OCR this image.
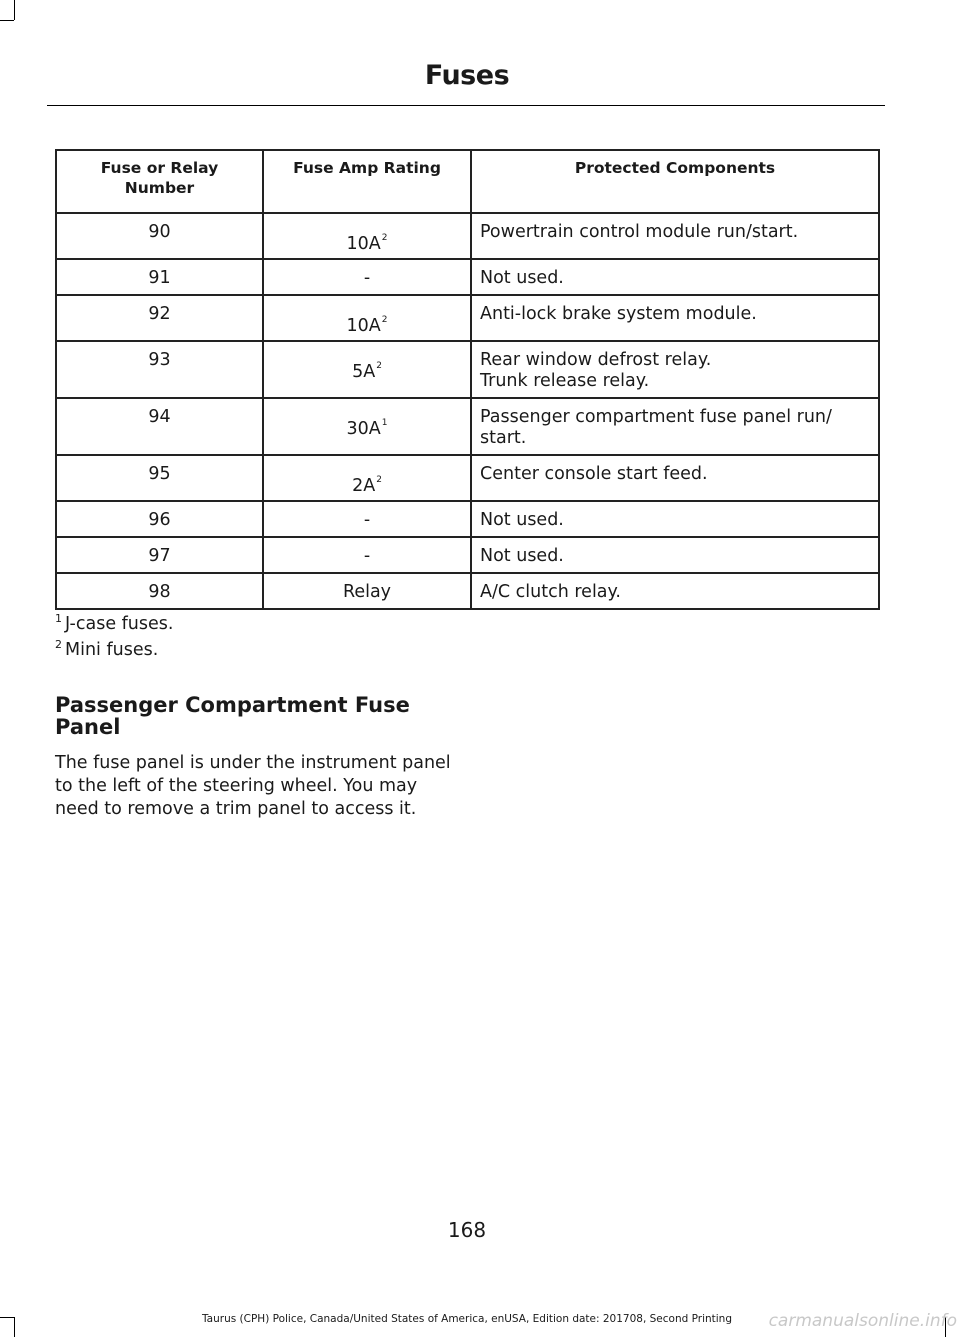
Fuses
Fuse or Relay Number	Fuse Amp Rating	Protected Components
90	$10A^2$	Powertrain control module run/start.

91	-	Not used.

92	$10A^2$	Anti-lock brake system module.

93	$5A^2$	Rear window defrost relay.
Trunk release relay.

94	$30A^1$	Passenger compartment fuse panel run/ start.

95	$2A^2$	Center console start feed.

96	-	Not used.

97	-	Not used.

98	Relay	A/C clutch relay.
$^1$ J-case fuses.
$^2$ Mini fuses.
Passenger Compartment Fuse Panel
The fuse panel is under the instrument panel to the left of the steering wheel. You may need to remove a trim panel to access it.
168
Taurus (CPH) Police, Canada/United States of America, enUSA, Edition date: 201708, Second Printing	carmanualsonline.info
